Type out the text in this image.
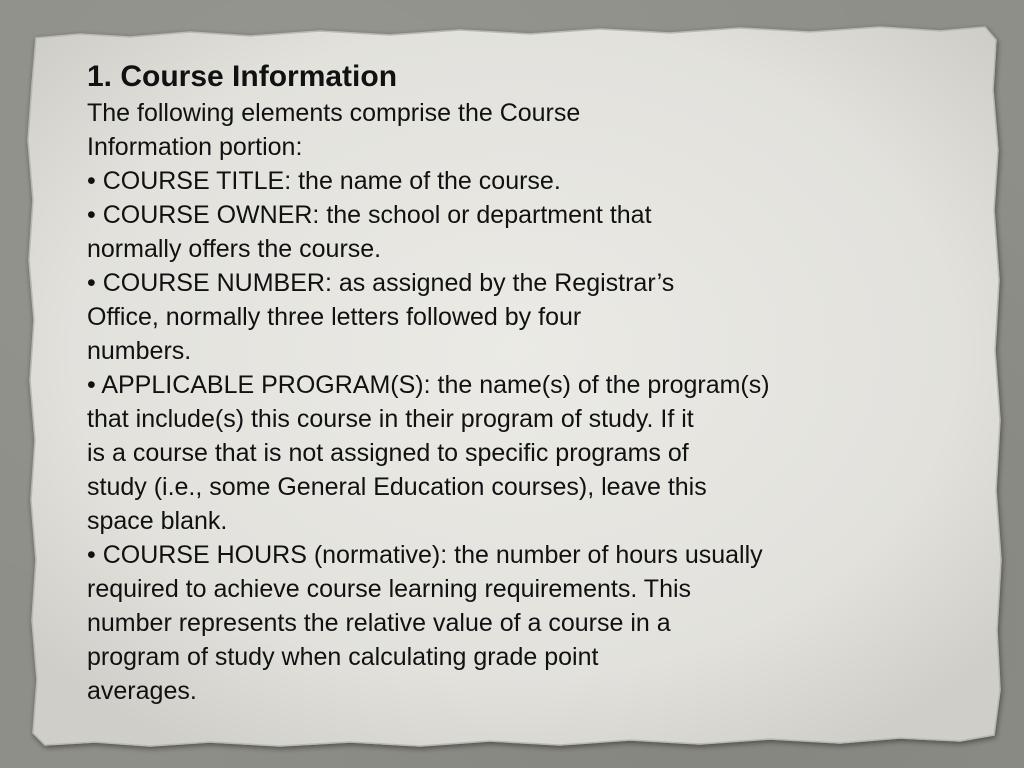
1. Course Information

The following elements comprise the Course

Information portion:

• COURSE TITLE: the name of the course.

• COURSE OWNER: the school or department that

normally offers the course.

• COURSE NUMBER: as assigned by the Registrar’s

Office, normally three letters followed by four

numbers.

• APPLICABLE PROGRAM(S): the name(s) of the program(s)

that include(s) this course in their program of study. If it

is a course that is not assigned to specific programs of

study (i.e., some General Education courses), leave this

space blank.

• COURSE HOURS (normative): the number of hours usually

required to achieve course learning requirements. This

number represents the relative value of a course in a

program of study when calculating grade point

averages.
